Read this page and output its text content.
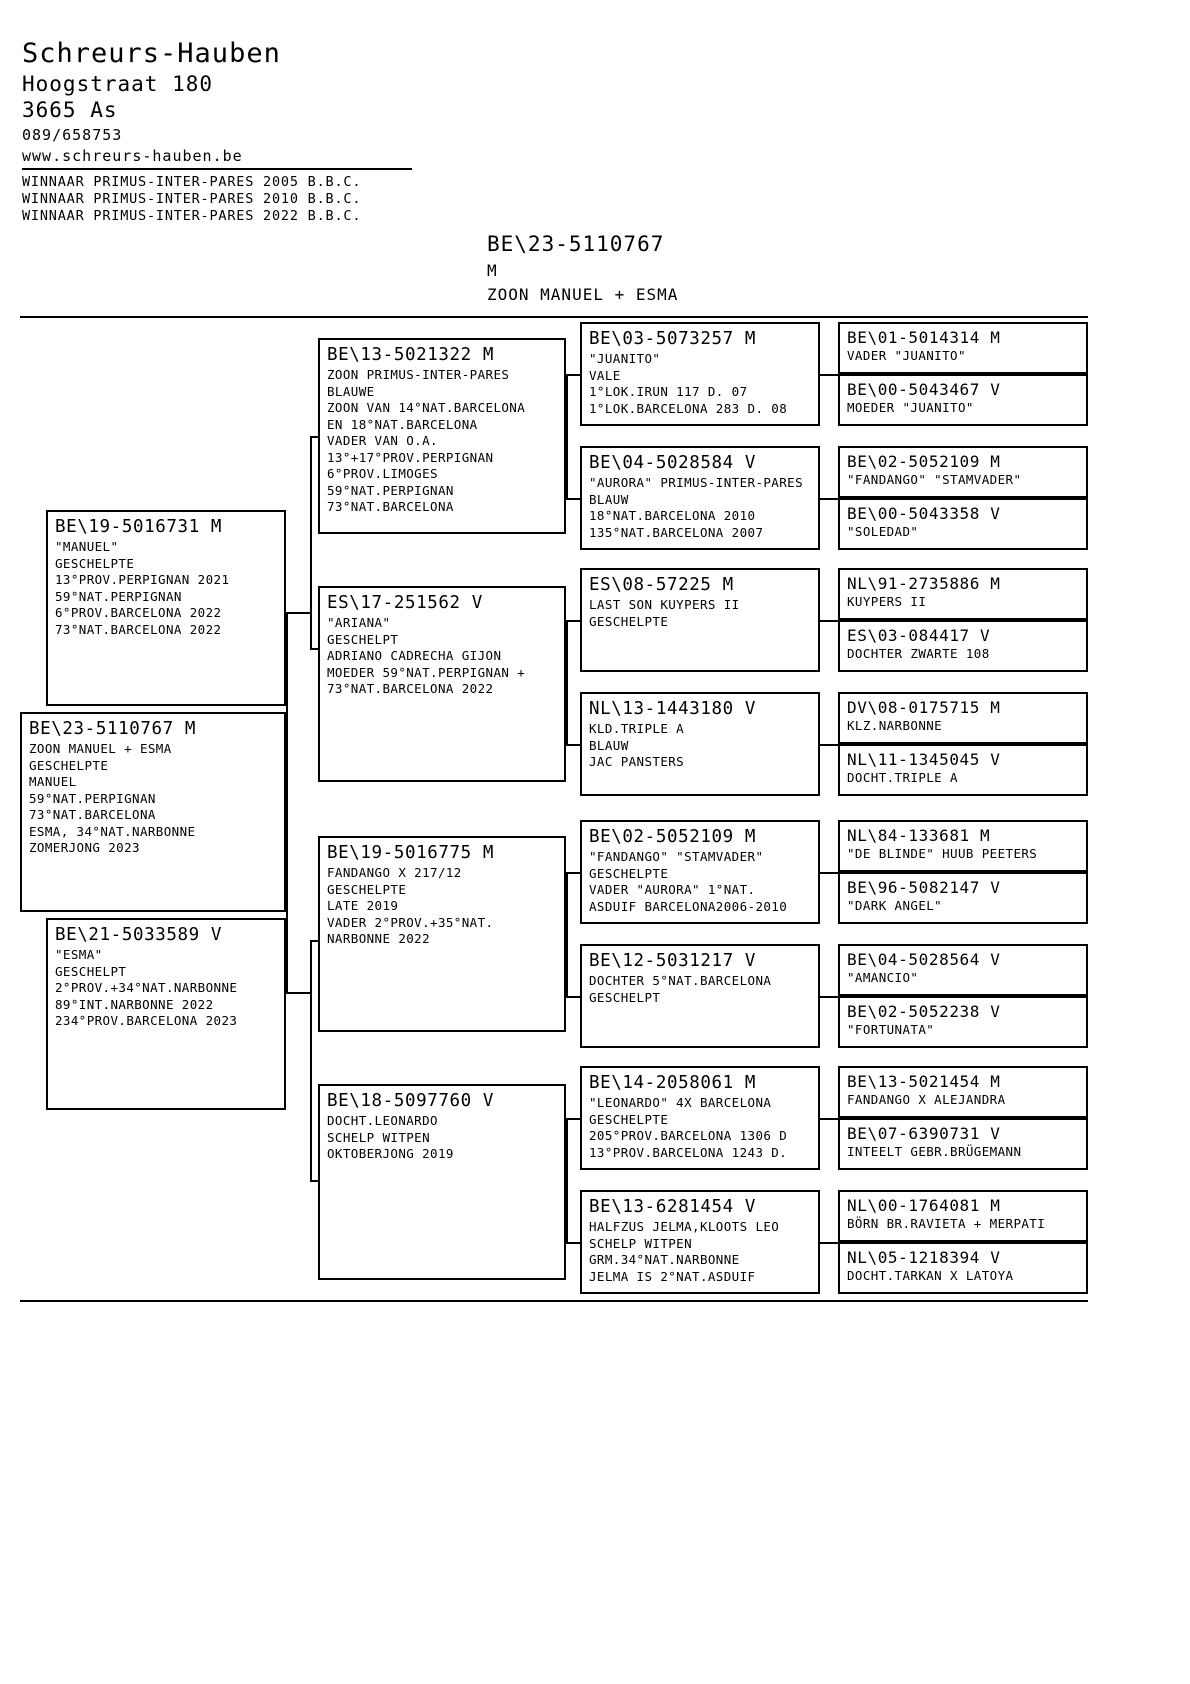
Schreurs-Hauben
Hoogstraat 180
3665 As
089/658753
www.schreurs-hauben.be
WINNAAR PRIMUS-INTER-PARES 2005 B.B.C.
WINNAAR PRIMUS-INTER-PARES 2010 B.B.C.
WINNAAR PRIMUS-INTER-PARES 2022 B.B.C.
BE\23-5110767
M
ZOON MANUEL + ESMA
BE\23-5110767 M
ZOON MANUEL + ESMA
GESCHELPTE
MANUEL
59°NAT.PERPIGNAN
73°NAT.BARCELONA
ESMA, 34°NAT.NARBONNE
ZOMERJONG 2023
BE\19-5016731 M
"MANUEL"
GESCHELPTE
13°PROV.PERPIGNAN 2021
59°NAT.PERPIGNAN
6°PROV.BARCELONA 2022
73°NAT.BARCELONA 2022
BE\21-5033589 V
"ESMA"
GESCHELPT
2°PROV.+34°NAT.NARBONNE
89°INT.NARBONNE 2022
234°PROV.BARCELONA 2023
BE\13-5021322 M
ZOON PRIMUS-INTER-PARES
BLAUWE
ZOON VAN 14°NAT.BARCELONA
EN 18°NAT.BARCELONA
VADER VAN O.A.
13°+17°PROV.PERPIGNAN
6°PROV.LIMOGES
59°NAT.PERPIGNAN
73°NAT.BARCELONA
ES\17-251562 V
"ARIANA"
GESCHELPT
ADRIANO CADRECHA GIJON
MOEDER 59°NAT.PERPIGNAN +
73°NAT.BARCELONA 2022
BE\19-5016775 M
FANDANGO X 217/12
GESCHELPTE
LATE 2019
VADER 2°PROV.+35°NAT.
NARBONNE 2022
BE\18-5097760 V
DOCHT.LEONARDO
SCHELP WITPEN
OKTOBERJONG 2019
BE\03-5073257 M
"JUANITO"
VALE
1°LOK.IRUN 117 D. 07
1°LOK.BARCELONA 283 D. 08
BE\04-5028584 V
"AURORA" PRIMUS-INTER-PARES
BLAUW
18°NAT.BARCELONA 2010
135°NAT.BARCELONA 2007
ES\08-57225 M
LAST SON KUYPERS II
GESCHELPTE
NL\13-1443180 V
KLD.TRIPLE A
BLAUW
JAC PANSTERS
BE\02-5052109 M
"FANDANGO" "STAMVADER"
GESCHELPTE
VADER "AURORA" 1°NAT.
ASDUIF BARCELONA2006-2010
BE\12-5031217 V
DOCHTER 5°NAT.BARCELONA
GESCHELPT
BE\14-2058061 M
"LEONARDO" 4X BARCELONA
GESCHELPTE
205°PROV.BARCELONA 1306 D
13°PROV.BARCELONA 1243 D.
BE\13-6281454 V
HALFZUS JELMA,KLOOTS LEO
SCHELP WITPEN
GRM.34°NAT.NARBONNE
JELMA IS 2°NAT.ASDUIF
BE\01-5014314 M
VADER "JUANITO"
BE\00-5043467 V
MOEDER "JUANITO"
BE\02-5052109 M
"FANDANGO" "STAMVADER"
BE\00-5043358 V
"SOLEDAD"
NL\91-2735886 M
KUYPERS II
ES\03-084417 V
DOCHTER ZWARTE 108
DV\08-0175715 M
KLZ.NARBONNE
NL\11-1345045 V
DOCHT.TRIPLE A
NL\84-133681 M
"DE BLINDE" HUUB PEETERS
BE\96-5082147 V
"DARK ANGEL"
BE\04-5028564 V
"AMANCIO"
BE\02-5052238 V
"FORTUNATA"
BE\13-5021454 M
FANDANGO X ALEJANDRA
BE\07-6390731 V
INTEELT GEBR.BRÜGEMANN
NL\00-1764081 M
BÖRN BR.RAVIETA + MERPATI
NL\05-1218394 V
DOCHT.TARKAN X LATOYA
